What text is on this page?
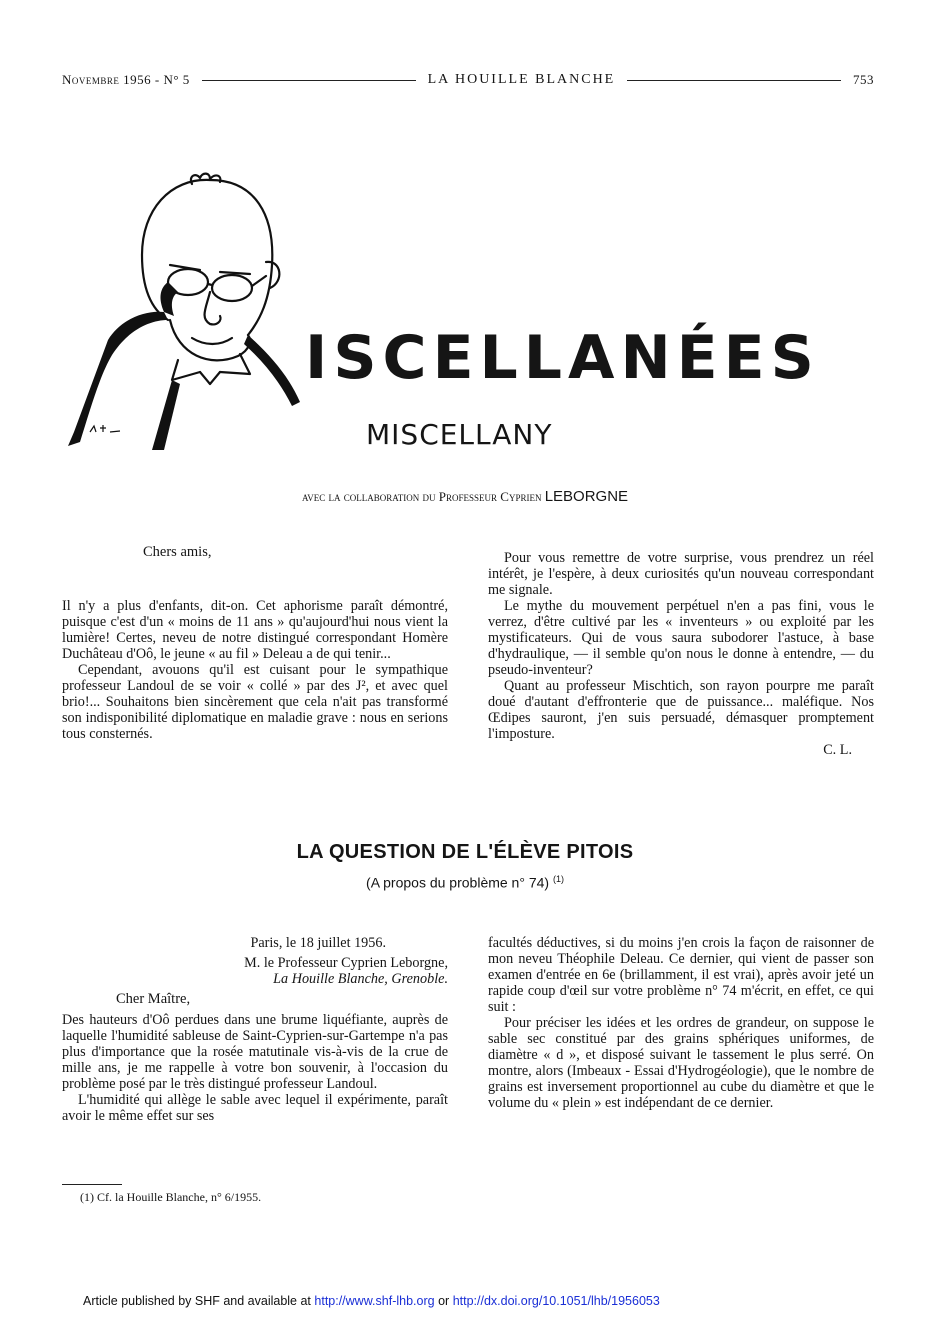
Novembre 1956 - N° 5	LA HOUILLE BLANCHE	753
ISCELLANÉES
MISCELLANY
avec la collaboration du Professeur Cyprien LEBORGNE
Chers amis,

Il n'y a plus d'enfants, dit-on. Cet aphorisme paraît démontré, puisque c'est d'un « moins de 11 ans » qu'aujourd'hui nous vient la lumière! Certes, neveu de notre distingué correspondant Homère Duchâteau d'Oô, le jeune « au fil » Deleau a de qui tenir...

Cependant, avouons qu'il est cuisant pour le sympathique professeur Landoul de se voir « collé » par des J², et avec quel brio!... Souhaitons bien sincèrement que cela n'ait pas transformé son indisponibilité diplomatique en maladie grave : nous en serions tous consternés.

Pour vous remettre de votre surprise, vous prendrez un réel intérêt, je l'espère, à deux curiosités qu'un nouveau correspondant me signale.

Le mythe du mouvement perpétuel n'en a pas fini, vous le verrez, d'être cultivé par les « inventeurs » ou exploité par les mystificateurs. Qui de vous saura subodorer l'astuce, à base d'hydraulique, — il semble qu'on nous le donne à entendre, — du pseudo-inventeur?

Quant au professeur Mischtich, son rayon pourpre me paraît doué d'autant d'effronterie que de puissance... maléfique. Nos Œdipes sauront, j'en suis persuadé, démasquer promptement l'imposture.

C. L.
LA QUESTION DE L'ÉLÈVE PITOIS
(A propos du problème n° 74) $^{(1)}$
Paris, le 18 juillet 1956.
M. le Professeur Cyprien Leborgne,
La Houille Blanche, Grenoble.
Cher Maître,

Des hauteurs d'Oô perdues dans une brume liquéfiante, auprès de laquelle l'humidité sableuse de Saint-Cyprien-sur-Gartempe n'a pas plus d'importance que la rosée matutinale vis-à-vis de la crue de mille ans, je me rappelle à votre bon souvenir, à l'occasion du problème posé par le très distingué professeur Landoul.

L'humidité qui allège le sable avec lequel il expérimente, paraît avoir le même effet sur ses

facultés déductives, si du moins j'en crois la façon de raisonner de mon neveu Théophile Deleau. Ce dernier, qui vient de passer son examen d'entrée en 6e (brillamment, il est vrai), après avoir jeté un rapide coup d'œil sur votre problème n° 74 m'écrit, en effet, ce qui suit :

Pour préciser les idées et les ordres de grandeur, on suppose le sable sec constitué par des grains sphériques uniformes, de diamètre « d », et disposé suivant le tassement le plus serré. On montre, alors (Imbeaux - Essai d'Hydrogéologie), que le nombre de grains est inversement proportionnel au cube du diamètre et que le volume du « plein » est indépendant de ce dernier.

(1) Cf. la Houille Blanche, n° 6/1955.
Article published by SHF and available at http://www.shf-lhb.org or http://dx.doi.org/10.1051/lhb/1956053
